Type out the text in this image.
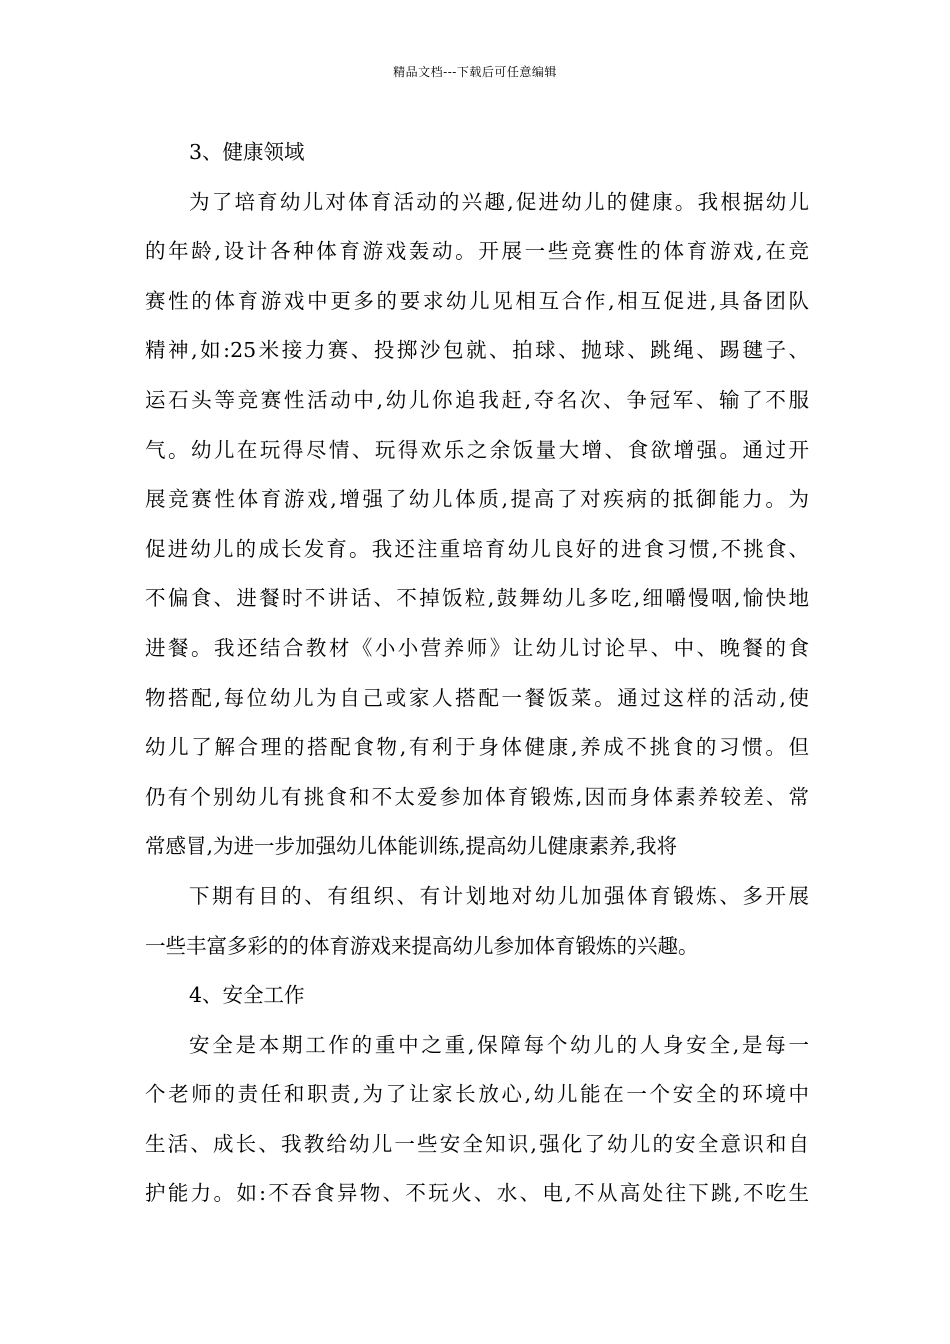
精品文档---下载后可任意编辑

3、健康领域

为了培育幼儿对体育活动的兴趣,促进幼儿的健康。我根据幼儿
的年龄,设计各种体育游戏轰动。开展一些竞赛性的体育游戏,在竞
赛性的体育游戏中更多的要求幼儿见相互合作,相互促进,具备团队
精神,如:25米接力赛、投掷沙包就、拍球、抛球、跳绳、踢毽子、
运石头等竞赛性活动中,幼儿你追我赶,夺名次、争冠军、输了不服
气。幼儿在玩得尽情、玩得欢乐之余饭量大增、食欲增强。通过开
展竞赛性体育游戏,增强了幼儿体质,提高了对疾病的抵御能力。为
促进幼儿的成长发育。我还注重培育幼儿良好的进食习惯,不挑食、
不偏食、进餐时不讲话、不掉饭粒,鼓舞幼儿多吃,细嚼慢咽,愉快地
进餐。我还结合教材《小小营养师》让幼儿讨论早、中、晚餐的食
物搭配,每位幼儿为自己或家人搭配一餐饭菜。通过这样的活动,使
幼儿了解合理的搭配食物,有利于身体健康,养成不挑食的习惯。但
仍有个别幼儿有挑食和不太爱参加体育锻炼,因而身体素养较差、常
常感冒,为进一步加强幼儿体能训练,提高幼儿健康素养,我将
下期有目的、有组织、有计划地对幼儿加强体育锻炼、多开展
一些丰富多彩的的体育游戏来提高幼儿参加体育锻炼的兴趣。

4、安全工作

安全是本期工作的重中之重,保障每个幼儿的人身安全,是每一
个老师的责任和职责,为了让家长放心,幼儿能在一个安全的环境中
生活、成长、我教给幼儿一些安全知识,强化了幼儿的安全意识和自
护能力。如:不吞食异物、不玩火、水、电,不从高处往下跳,不吃生
